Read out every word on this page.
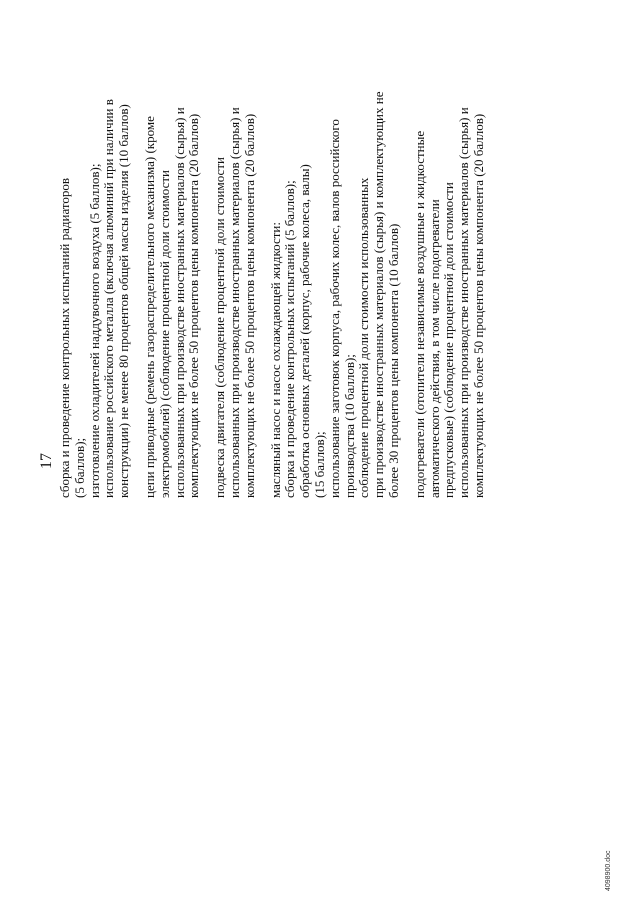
17 сборка и проведение контрольных испытаний радиаторов (5 баллов); изготовление охладителей наддувочного воздуха (5 баллов); использование российского металла (включая алюминий при наличии в конструкции) не менее 80 процентов общей массы изделия (10 баллов) цепи приводные (ремень газораспределительного механизма) (кроме электромобилей) (соблюдение процентной доли стоимости использованных при производстве иностранных материалов (сырья) и комплектующих не более 50 процентов цены компонента (20 баллов) подвеска двигателя (соблюдение процентной доли стоимости использованных при производстве иностранных материалов (сырья) и комплектующих не более 50 процентов цены компонента (20 баллов) масляный насос и насос охлаждающей жидкости: сборка и проведение контрольных испытаний (5 баллов); обработка основных деталей (корпус, рабочие колеса, валы) (15 баллов); использование заготовок корпуса, рабочих колес, валов российского производства (10 баллов); соблюдение процентной доли стоимости использованных при производстве иностранных материалов (сырья) и комплектующих не более 30 процентов цены компонента (10 баллов) подогреватели (отопители независимые воздушные и жидкостные автоматического действия, в том числе подогреватели предпусковые) (соблюдение процентной доли стоимости использованных при производстве иностранных материалов (сырья) и комплектующих не более 50 процентов цены компонента (20 баллов)
4098900.doc
